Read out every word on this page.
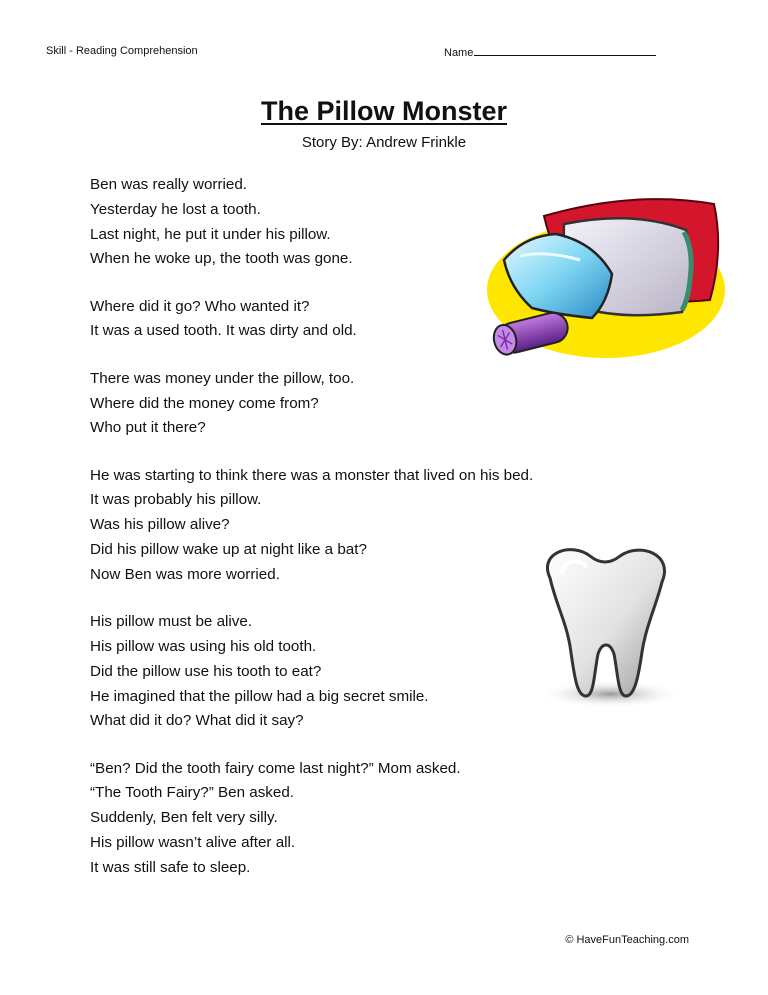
Skill - Reading Comprehension	Name
The Pillow Monster
Story By: Andrew Frinkle
Ben was really worried.
Yesterday he lost a tooth.
Last night, he put it under his pillow.
When he woke up, the tooth was gone.
Where did it go? Who wanted it?
It was a used tooth. It was dirty and old.
There was money under the pillow, too.
Where did the money come from?
Who put it there?
He was starting to think there was a monster that lived on his bed.
It was probably his pillow.
Was his pillow alive?
Did his pillow wake up at night like a bat?
Now Ben was more worried.
His pillow must be alive.
His pillow was using his old tooth.
Did the pillow use his tooth to eat?
He imagined that the pillow had a big secret smile.
What did it do? What did it say?
“Ben? Did the tooth fairy come last night?” Mom asked.
“The Tooth Fairy?” Ben asked.
Suddenly, Ben felt very silly.
His pillow wasn’t alive after all.
It was still safe to sleep.
© HaveFunTeaching.com
